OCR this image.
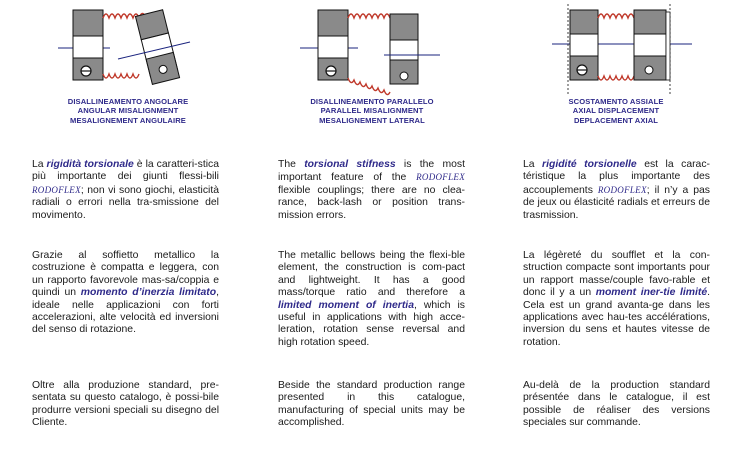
DISALLINEAMENTO ANGOLARE
ANGULAR MISALIGNMENT
MESALIGNEMENT ANGULAIRE
DISALLINEAMENTO PARALLELO
PARALLEL MISALIGNMENT
MESALIGNEMENT LATERAL
SCOSTAMENTO ASSIALE
AXIAL DISPLACEMENT
DEPLACEMENT AXIAL

La rigidità torsionale è la caratteri-stica più importante dei giunti flessi-bili RODOFLEX; non vi sono giochi, elasticità radiali o errori nella tra-smissione del movimento.

Grazie al soffietto metallico la costruzione è compatta e leggera, con un rapporto favorevole mas-sa/coppia e quindi un momento d’inerzia limitato, ideale nelle applicazioni con forti accelerazioni, alte velocità ed inversioni del senso di rotazione.

Oltre alla produzione standard, pre-sentata su questo catalogo, è possi-bile produrre versioni speciali su disegno del Cliente.

The torsional stifness is the most important feature of the RODOFLEX flexible couplings; there are no clea-rance, back-lash or position trans-mission errors.

The metallic bellows being the flexi-ble element, the construction is com-pact and lightweight. It has a good mass/torque ratio and therefore a limited moment of inertia, which is useful in applications with high acce-leration, rotation sense reversal and high rotation speed.

Beside the standard production range presented in this catalogue, manufacturing of special units may be accomplished.

La rigidité torsionelle est la carac-téristique la plus importante des accouplements RODOFLEX; il n’y a pas de jeux ou élasticité radials et erreurs de trasmission.

La légèreté du soufflet et la con-struction compacte sont importants pour un rapport masse/couple favo-rable et donc il y a un moment iner-tie limité. Cela est un grand avanta-ge dans les applications avec hau-tes accélérations, inversion du sens et hautes vitesse de rotation.

Au-delà de la production standard présentée dans le catalogue, il est possible de réaliser des versions speciales sur commande.
